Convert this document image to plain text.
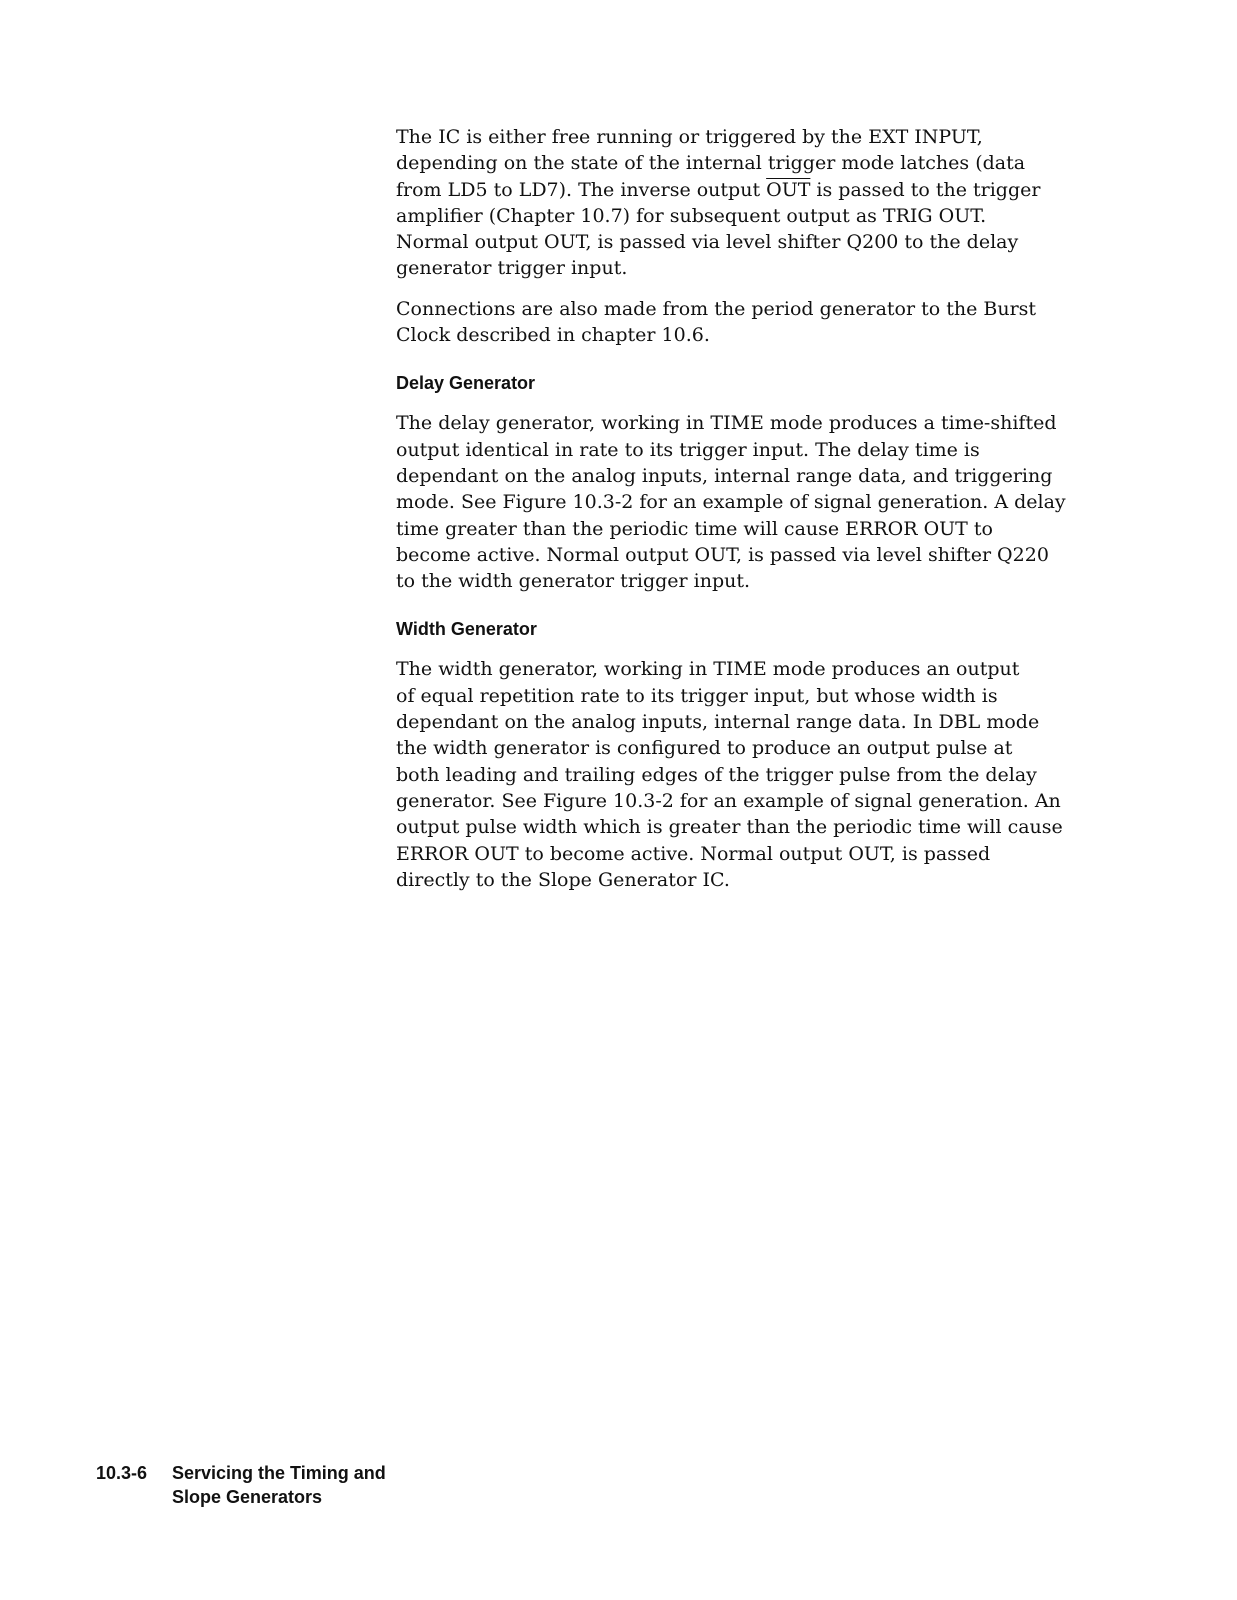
The IC is either free running or triggered by the EXT INPUT,
depending on the state of the internal trigger mode latches (data
from LD5 to LD7). The inverse output $\overline{OUT}$ is passed to the trigger
amplifier (Chapter 10.7) for subsequent output as TRIG OUT.
Normal output OUT, is passed via level shifter Q200 to the delay
generator trigger input.

Connections are also made from the period generator to the Burst
Clock described in chapter 10.6.

Delay Generator

The delay generator, working in TIME mode produces a time-shifted
output identical in rate to its trigger input. The delay time is
dependant on the analog inputs, internal range data, and triggering
mode. See Figure 10.3-2 for an example of signal generation. A delay
time greater than the periodic time will cause ERROR OUT to
become active. Normal output OUT, is passed via level shifter Q220
to the width generator trigger input.

Width Generator

The width generator, working in TIME mode produces an output
of equal repetition rate to its trigger input, but whose width is
dependant on the analog inputs, internal range data. In DBL mode
the width generator is configured to produce an output pulse at
both leading and trailing edges of the trigger pulse from the delay
generator. See Figure 10.3-2 for an example of signal generation. An
output pulse width which is greater than the periodic time will cause
ERROR OUT to become active. Normal output OUT, is passed
directly to the Slope Generator IC.

10.3-6 Servicing the Timing and
Slope Generators
